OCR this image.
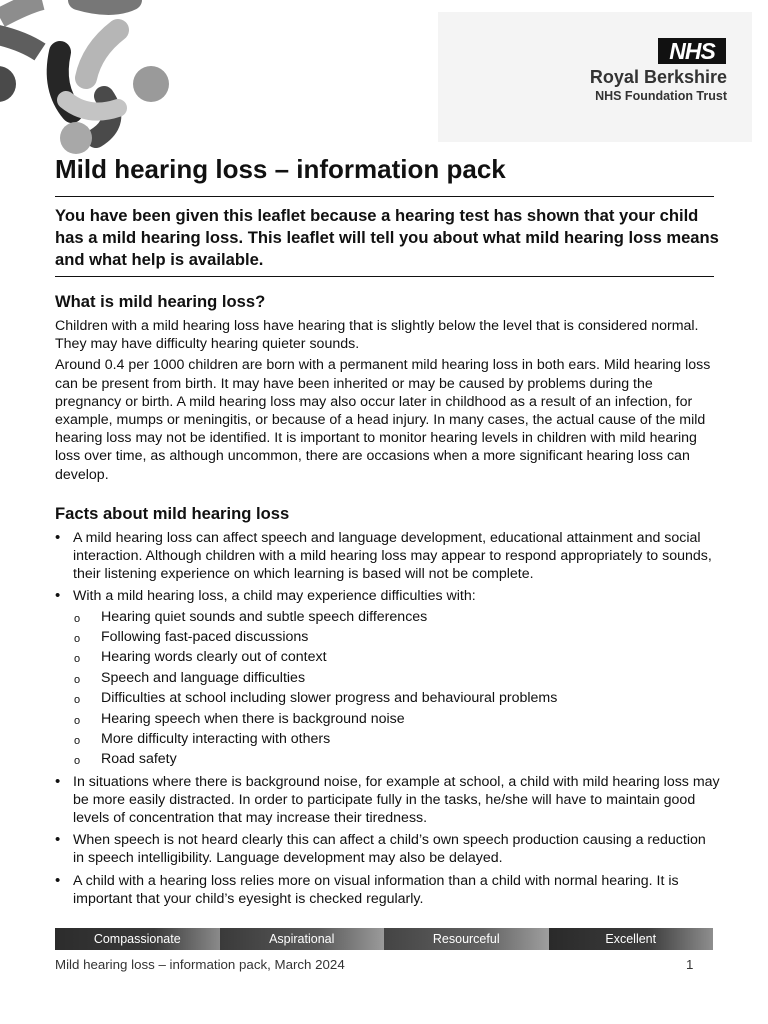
NHS
Royal Berkshire
NHS Foundation Trust
Mild hearing loss – information pack

You have been given this leaflet because a hearing test has shown that your child has a mild hearing loss. This leaflet will tell you about what mild hearing loss means and what help is available.

What is mild hearing loss?

Children with a mild hearing loss have hearing that is slightly below the level that is considered normal. They may have difficulty hearing quieter sounds.

Around 0.4 per 1000 children are born with a permanent mild hearing loss in both ears. Mild hearing loss can be present from birth. It may have been inherited or may be caused by problems during the pregnancy or birth. A mild hearing loss may also occur later in childhood as a result of an infection, for example, mumps or meningitis, or because of a head injury. In many cases, the actual cause of the mild hearing loss may not be identified. It is important to monitor hearing levels in children with mild hearing loss over time, as although uncommon, there are occasions when a more significant hearing loss can develop.

Facts about mild hearing loss
• A mild hearing loss can affect speech and language development, educational attainment and social interaction. Although children with a mild hearing loss may appear to respond appropriately to sounds, their listening experience on which learning is based will not be complete.
• With a mild hearing loss, a child may experience difficulties with:
o Hearing quiet sounds and subtle speech differences
o Following fast-paced discussions
o Hearing words clearly out of context
o Speech and language difficulties
o Difficulties at school including slower progress and behavioural problems
o Hearing speech when there is background noise
o More difficulty interacting with others
o Road safety
• In situations where there is background noise, for example at school, a child with mild hearing loss may be more easily distracted. In order to participate fully in the tasks, he/she will have to maintain good levels of concentration that may increase their tiredness.
• When speech is not heard clearly this can affect a child’s own speech production causing a reduction in speech intelligibility. Language development may also be delayed.
• A child with a hearing loss relies more on visual information than a child with normal hearing. It is important that your child’s eyesight is checked regularly.
Compassionate	Aspirational	Resourceful	Excellent
Mild hearing loss – information pack, March 2024	1
